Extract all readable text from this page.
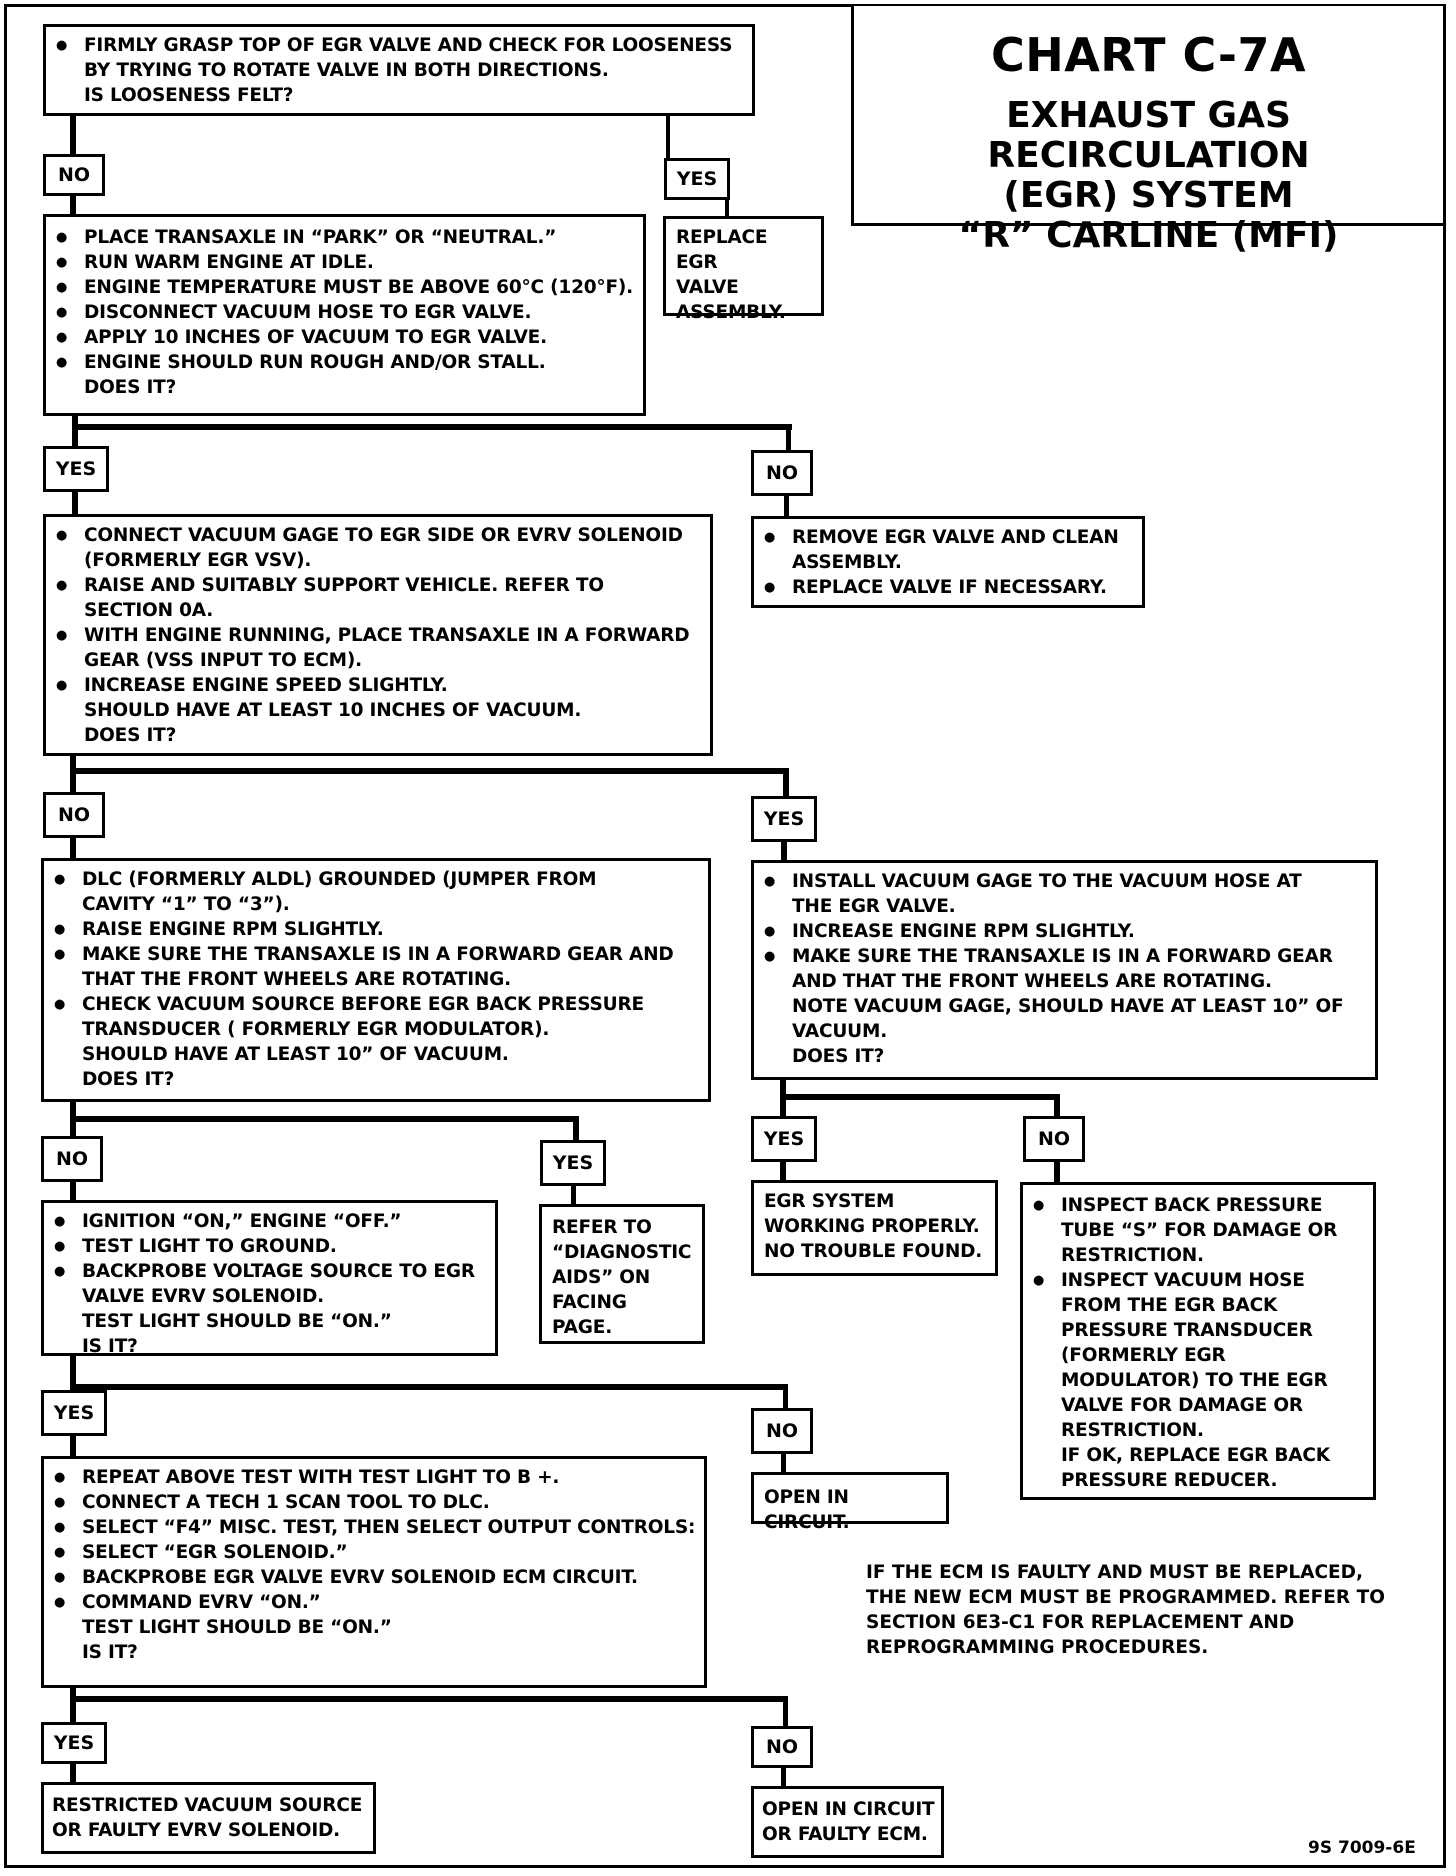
CHART C-7A
EXHAUST GAS RECIRCULATION
(EGR) SYSTEM
“R” CARLINE (MFI)
● FIRMLY GRASP TOP OF EGR VALVE AND CHECK FOR LOOSENESS
BY TRYING TO ROTATE VALVE IN BOTH DIRECTIONS.
IS LOOSENESS FELT?
NO	YES
REPLACE EGR
VALVE
ASSEMBLY.
● PLACE TRANSAXLE IN “PARK” OR “NEUTRAL.”
● RUN WARM ENGINE AT IDLE.
● ENGINE TEMPERATURE MUST BE ABOVE 60°C (120°F).
● DISCONNECT VACUUM HOSE TO EGR VALVE.
● APPLY 10 INCHES OF VACUUM TO EGR VALVE.
● ENGINE SHOULD RUN ROUGH AND/OR STALL.
DOES IT?
YES	NO
● REMOVE EGR VALVE AND CLEAN
ASSEMBLY.
● REPLACE VALVE IF NECESSARY.
● CONNECT VACUUM GAGE TO EGR SIDE OR EVRV SOLENOID
(FORMERLY EGR VSV).
● RAISE AND SUITABLY SUPPORT VEHICLE. REFER TO
SECTION 0A.
● WITH ENGINE RUNNING, PLACE TRANSAXLE IN A FORWARD
GEAR (VSS INPUT TO ECM).
● INCREASE ENGINE SPEED SLIGHTLY.
SHOULD HAVE AT LEAST 10 INCHES OF VACUUM.
DOES IT?
NO	YES
● DLC (FORMERLY ALDL) GROUNDED (JUMPER FROM
CAVITY “1” TO “3”).
● RAISE ENGINE RPM SLIGHTLY.
● MAKE SURE THE TRANSAXLE IS IN A FORWARD GEAR AND
THAT THE FRONT WHEELS ARE ROTATING.
● CHECK VACUUM SOURCE BEFORE EGR BACK PRESSURE
TRANSDUCER ( FORMERLY EGR MODULATOR).
SHOULD HAVE AT LEAST 10” OF VACUUM.
DOES IT?
NO	YES
REFER TO
“DIAGNOSTIC
AIDS” ON
FACING
PAGE.
● INSTALL VACUUM GAGE TO THE VACUUM HOSE AT
THE EGR VALVE.
● INCREASE ENGINE RPM SLIGHTLY.
● MAKE SURE THE TRANSAXLE IS IN A FORWARD GEAR
AND THAT THE FRONT WHEELS ARE ROTATING.
NOTE VACUUM GAGE, SHOULD HAVE AT LEAST 10” OF
VACUUM.
DOES IT?
YES	NO
EGR SYSTEM
WORKING PROPERLY.
NO TROUBLE FOUND.
● INSPECT BACK PRESSURE
TUBE “S” FOR DAMAGE OR
RESTRICTION.
● INSPECT VACUUM HOSE
FROM THE EGR BACK
PRESSURE TRANSDUCER
(FORMERLY EGR
MODULATOR) TO THE EGR
VALVE FOR DAMAGE OR
RESTRICTION.
IF OK, REPLACE EGR BACK
PRESSURE REDUCER.
● IGNITION “ON,” ENGINE “OFF.”
● TEST LIGHT TO GROUND.
● BACKPROBE VOLTAGE SOURCE TO EGR
VALVE EVRV SOLENOID.
TEST LIGHT SHOULD BE “ON.”
IS IT?
YES
NO
OPEN IN CIRCUIT.
● REPEAT ABOVE TEST WITH TEST LIGHT TO B +.
● CONNECT A TECH 1 SCAN TOOL TO DLC.
● SELECT “F4” MISC. TEST, THEN SELECT OUTPUT CONTROLS:
● SELECT “EGR SOLENOID.”
● BACKPROBE EGR VALVE EVRV SOLENOID ECM CIRCUIT.
● COMMAND EVRV “ON.”
TEST LIGHT SHOULD BE “ON.”
IS IT?
YES	NO
RESTRICTED VACUUM SOURCE
OR FAULTY EVRV SOLENOID.
OPEN IN CIRCUIT
OR FAULTY ECM.
IF THE ECM IS FAULTY AND MUST BE REPLACED,
THE NEW ECM MUST BE PROGRAMMED. REFER TO
SECTION 6E3-C1 FOR REPLACEMENT AND
REPROGRAMMING PROCEDURES.
9S 7009-6E
